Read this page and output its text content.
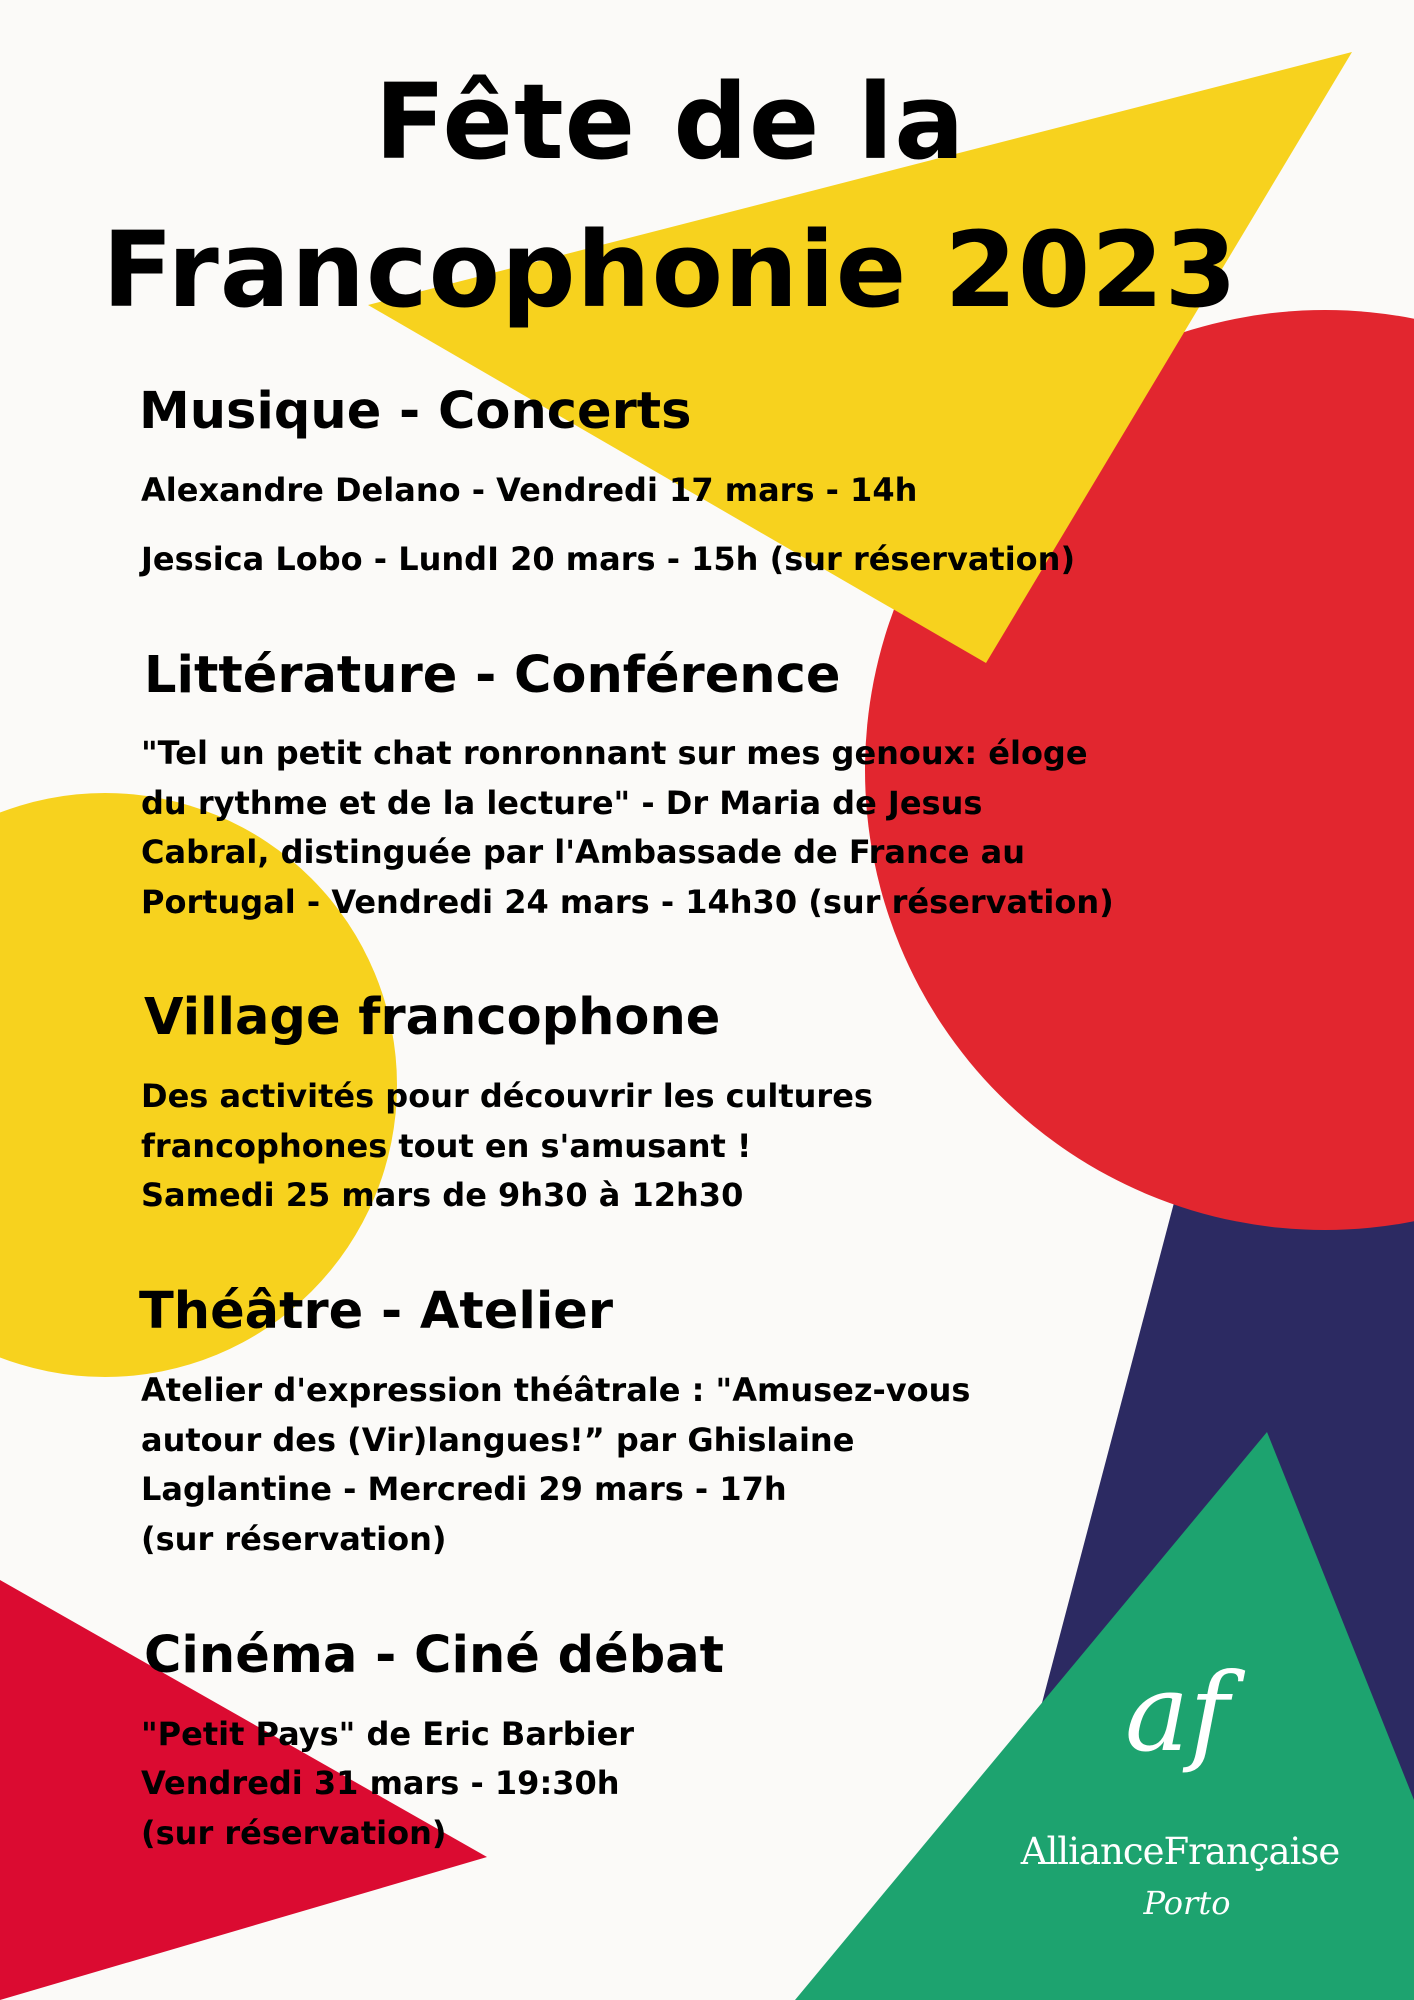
Fête de la
Francophonie 2023
Musique - Concerts
Alexandre Delano - Vendredi 17 mars - 14h
Jessica Lobo - LundI 20 mars - 15h (sur réservation)
Littérature - Conférence
"Tel un petit chat ronronnant sur mes genoux: éloge
du rythme et de la lecture" - Dr Maria de Jesus
Cabral, distinguée par l'Ambassade de France au
Portugal - Vendredi 24 mars - 14h30 (sur réservation)
Village francophone
Des activités pour découvrir les cultures
francophones tout en s'amusant !
Samedi 25 mars de 9h30 à 12h30
Théâtre - Atelier
Atelier d'expression théâtrale : "Amusez-vous
autour des (Vir)langues!” par Ghislaine
Laglantine - Mercredi 29 mars - 17h
(sur réservation)
Cinéma - Ciné débat
"Petit Pays" de Eric Barbier
Vendredi 31 mars - 19:30h
(sur réservation)
af
AllianceFrançaise
Porto
